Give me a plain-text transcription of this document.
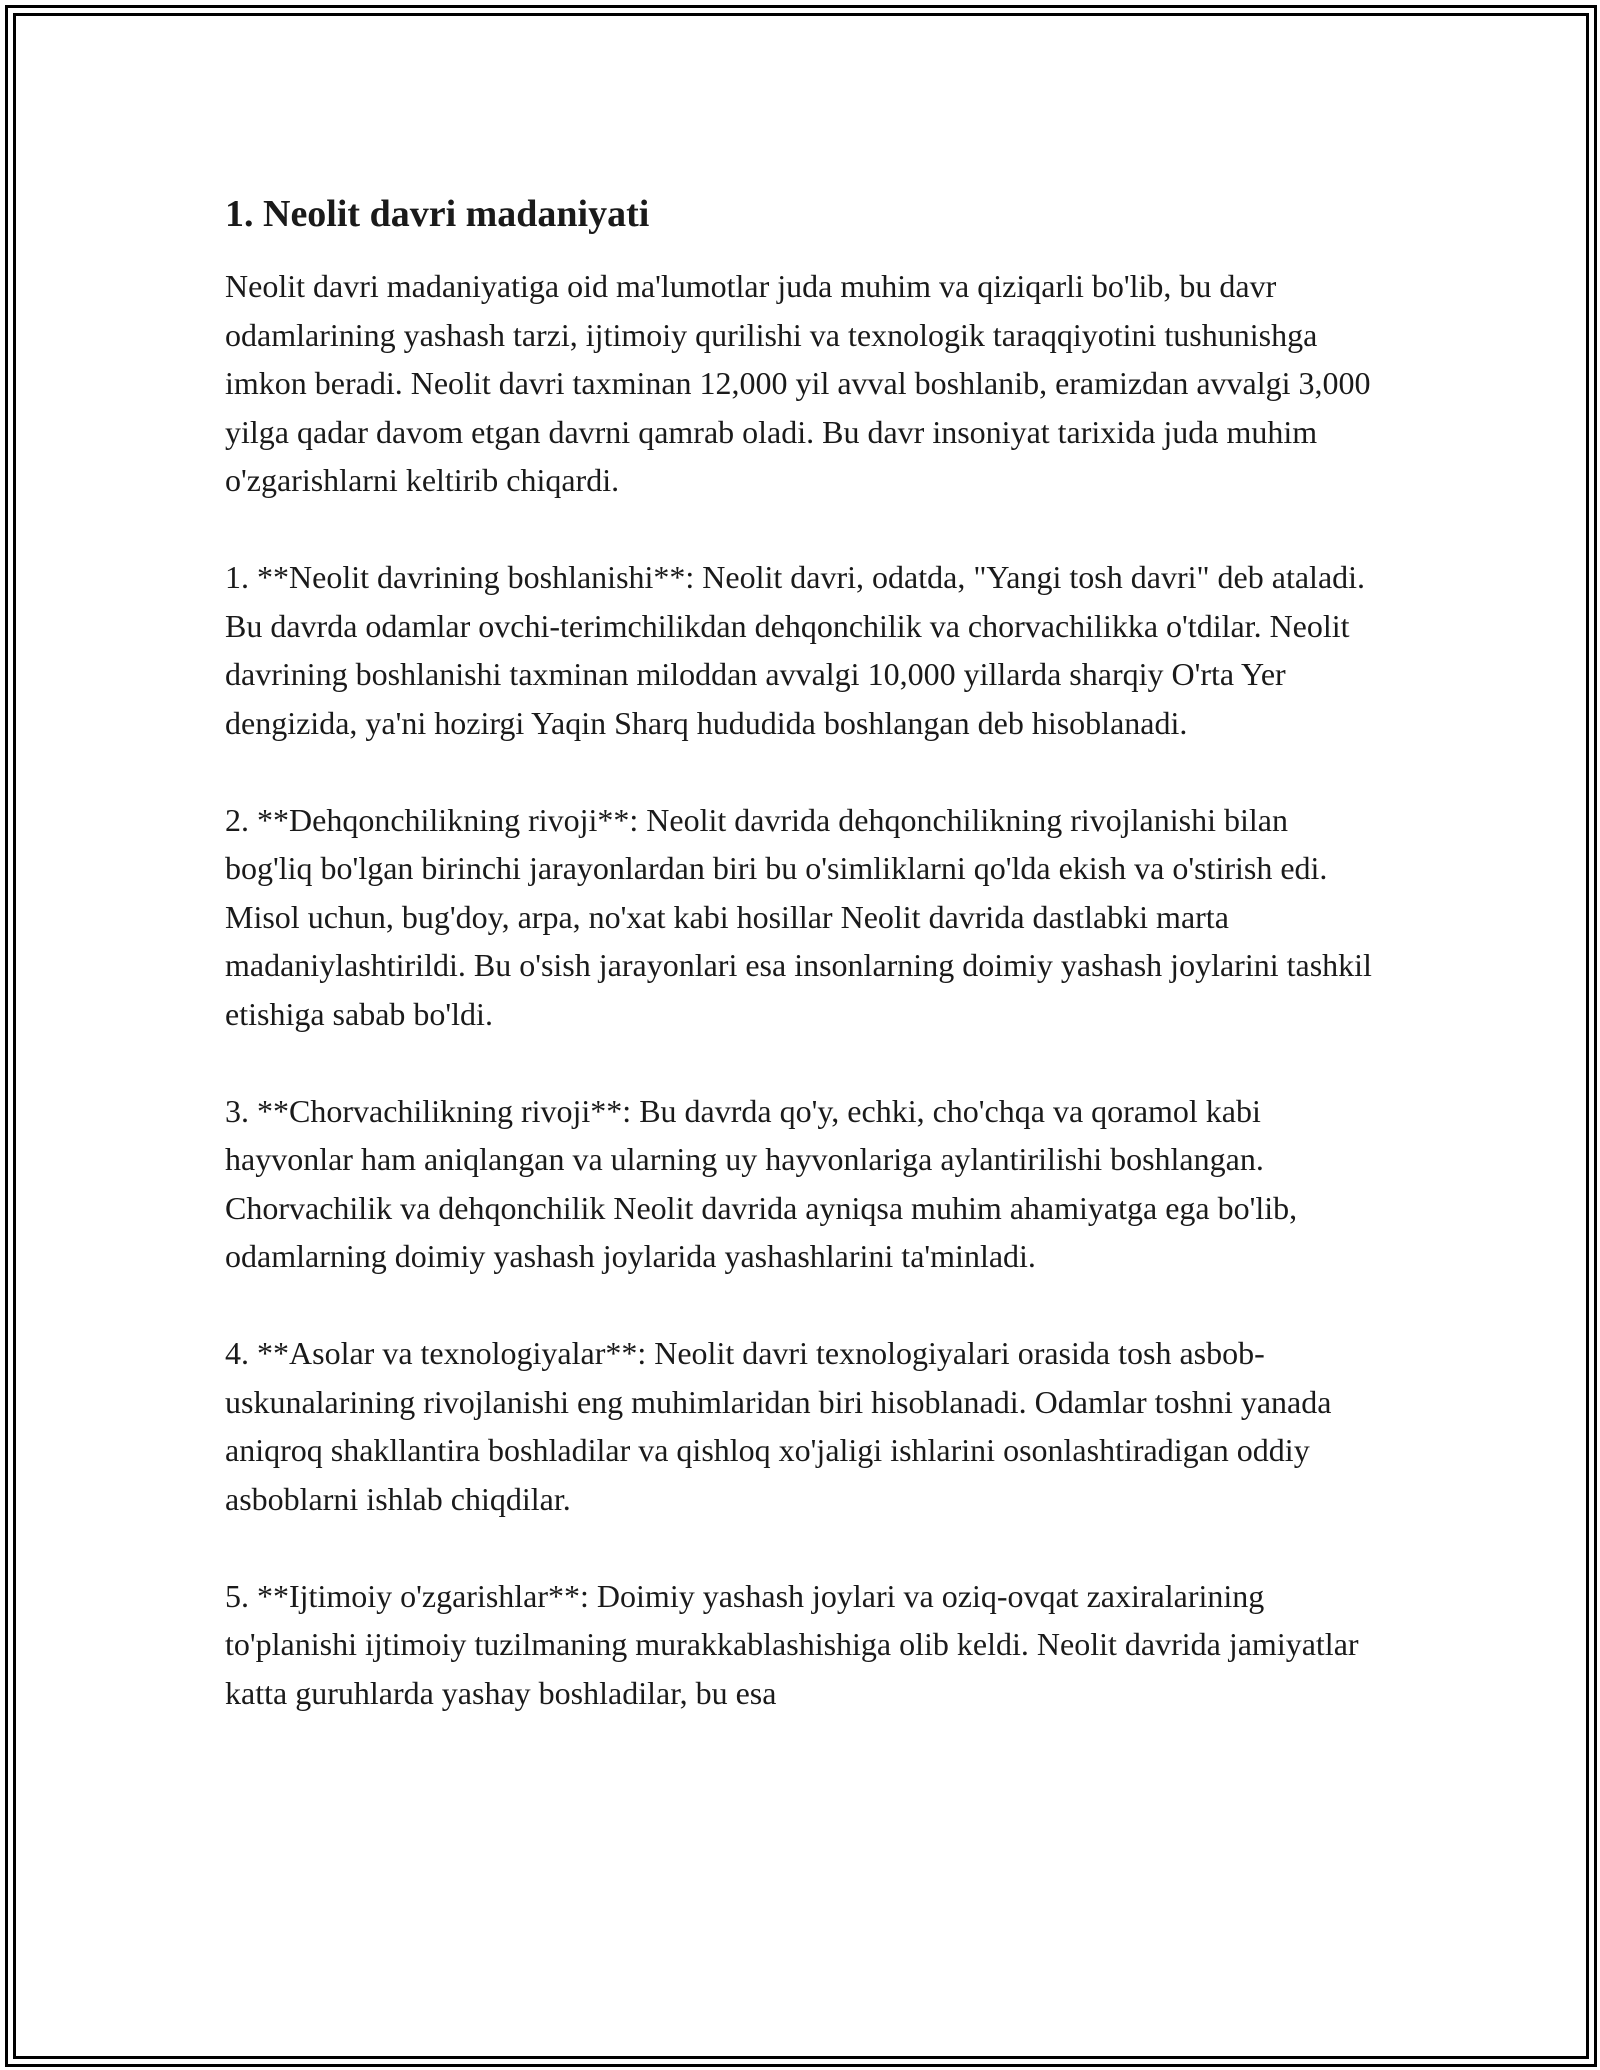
1. Neolit davri madaniyati
Neolit davri madaniyatiga oid ma'lumotlar juda muhim va qiziqarli bo'lib, bu davr odamlarining yashash tarzi, ijtimoiy qurilishi va texnologik taraqqiyotini tushunishga imkon beradi. Neolit davri taxminan 12,000 yil avval boshlanib, eramizdan avvalgi 3,000 yilga qadar davom etgan davrni qamrab oladi. Bu davr insoniyat tarixida juda muhim o'zgarishlarni keltirib chiqardi.
1. **Neolit davrining boshlanishi**: Neolit davri, odatda, "Yangi tosh davri" deb ataladi. Bu davrda odamlar ovchi-terimchilikdan dehqonchilik va chorvachilikka o'tdilar. Neolit davrining boshlanishi taxminan miloddan avvalgi 10,000 yillarda sharqiy O'rta Yer dengizida, ya'ni hozirgi Yaqin Sharq hududida boshlangan deb hisoblanadi.
2. **Dehqonchilikning rivoji**: Neolit davrida dehqonchilikning rivojlanishi bilan bog'liq bo'lgan birinchi jarayonlardan biri bu o'simliklarni qo'lda ekish va o'stirish edi. Misol uchun, bug'doy, arpa, no'xat kabi hosillar Neolit davrida dastlabki marta madaniylashtirildi. Bu o'sish jarayonlari esa insonlarning doimiy yashash joylarini tashkil etishiga sabab bo'ldi.
3. **Chorvachilikning rivoji**: Bu davrda qo'y, echki, cho'chqa va qoramol kabi hayvonlar ham aniqlangan va ularning uy hayvonlariga aylantirilishi boshlangan. Chorvachilik va dehqonchilik Neolit davrida ayniqsa muhim ahamiyatga ega bo'lib, odamlarning doimiy yashash joylarida yashashlarini ta'minladi.
4. **Asolar va texnologiyalar**: Neolit davri texnologiyalari orasida tosh asbob-uskunalarining rivojlanishi eng muhimlaridan biri hisoblanadi. Odamlar toshni yanada aniqroq shakllantira boshladilar va qishloq xo'jaligi ishlarini osonlashtiradigan oddiy asboblarni ishlab chiqdilar.
5. **Ijtimoiy o'zgarishlar**: Doimiy yashash joylari va oziq-ovqat zaxiralarining to'planishi ijtimoiy tuzilmaning murakkablashishiga olib keldi. Neolit davrida jamiyatlar katta guruhlarda yashay boshladilar, bu esa
